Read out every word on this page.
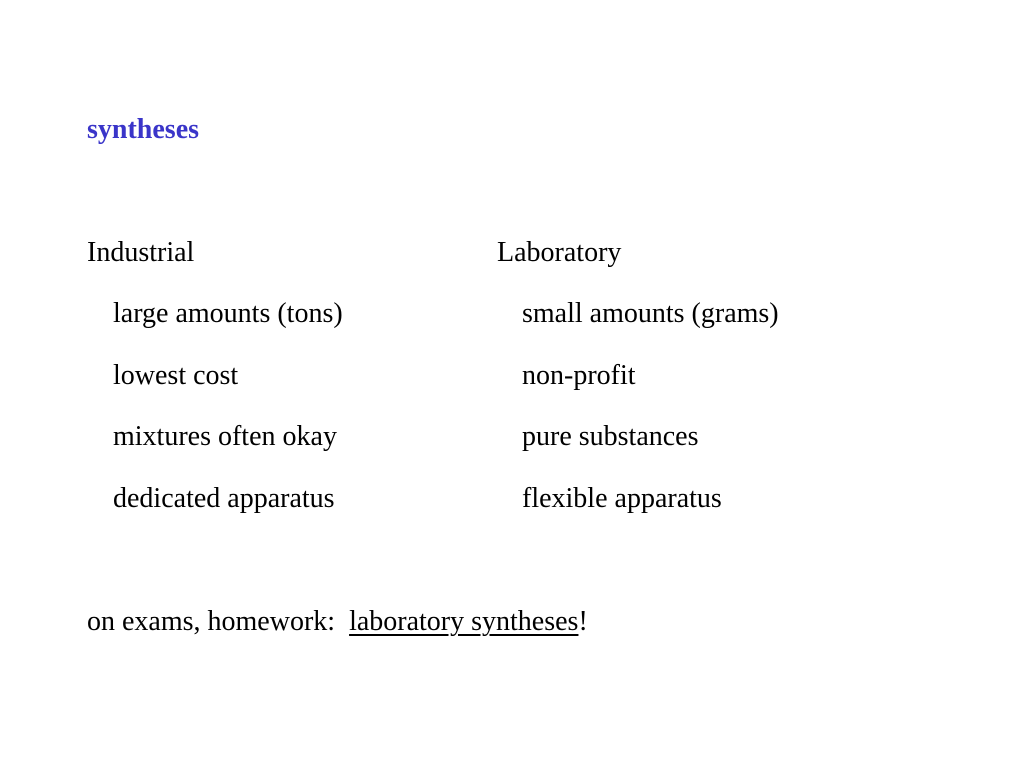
syntheses
Industrial	Laboratory
large amounts (tons)
lowest cost
mixtures often okay
dedicated apparatus
small amounts (grams)
non-profit
pure substances
flexible apparatus
on exams, homework: laboratory syntheses!
